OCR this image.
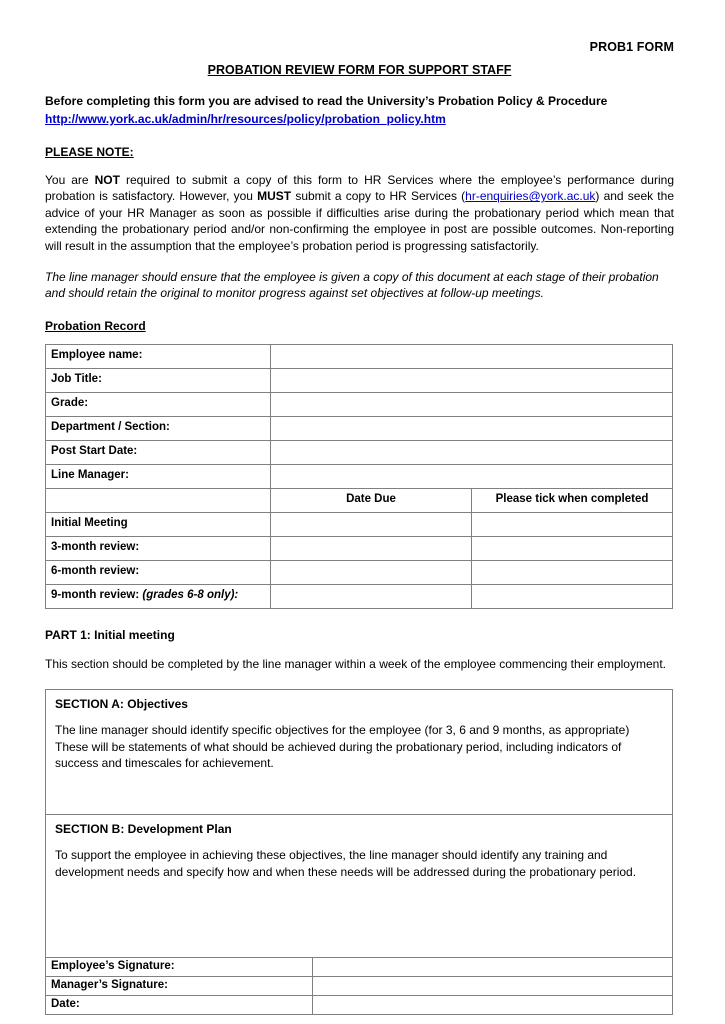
PROB1 FORM
PROBATION REVIEW FORM FOR SUPPORT STAFF

Before completing this form you are advised to read the University’s Probation Policy & Procedure

http://www.york.ac.uk/admin/hr/resources/policy/probation_policy.htm

PLEASE NOTE:

You are NOT required to submit a copy of this form to HR Services where the employee’s performance during probation is satisfactory. However, you MUST submit a copy to HR Services (hr-enquiries@york.ac.uk) and seek the advice of your HR Manager as soon as possible if difficulties arise during the probationary period which mean that extending the probationary period and/or non-confirming the employee in post are possible outcomes. Non-reporting will result in the assumption that the employee’s probation period is progressing satisfactorily.

The line manager should ensure that the employee is given a copy of this document at each stage of their probation and should retain the original to monitor progress against set objectives at follow-up meetings.

Probation Record

Employee name:		
Job Title:		
Grade:		
Department / Section:		
Post Start Date:		
Line Manager:		
	Date Due	Please tick when completed
Initial Meeting		
3-month review:		
6-month review:		
9-month review: (grades 6-8 only):		

PART 1: Initial meeting

This section should be completed by the line manager within a week of the employee commencing their employment.

SECTION A: Objectives
The line manager should identify specific objectives for the employee (for 3, 6 and 9 months, as appropriate) These will be statements of what should be achieved during the probationary period, including indicators of success and timescales for achievement.
SECTION B: Development Plan
To support the employee in achieving these objectives, the line manager should identify any training and development needs and specify how and when these needs will be addressed during the probationary period.
Employee’s Signature:	
Manager’s Signature:	
Date:	
